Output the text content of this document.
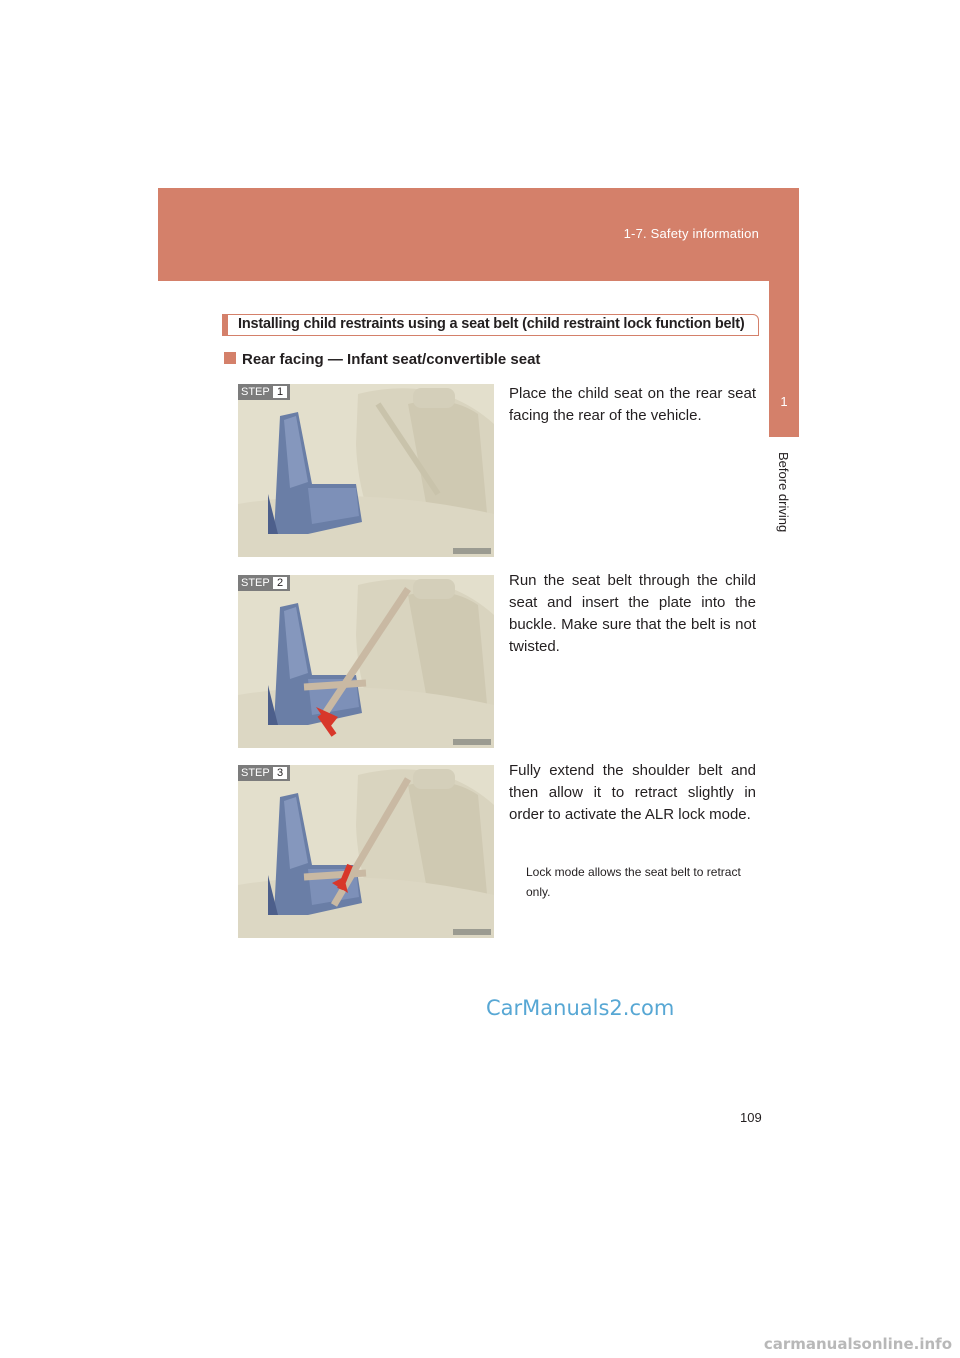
1-7. Safety information
1
Before driving
Installing child restraints using a seat belt (child restraint lock function belt)
Rear facing — Infant seat/convertible seat
STEP 1	Place the child seat on the rear seat facing the rear of the vehicle.
STEP 2	Run the seat belt through the child seat and insert the plate into the buckle. Make sure that the belt is not twisted.
STEP 3	Fully extend the shoulder belt and then allow it to retract slightly in order to activate the ALR lock mode.
Lock mode allows the seat belt to retract only.
CarManuals2.com
109
carmanualsonline.info
